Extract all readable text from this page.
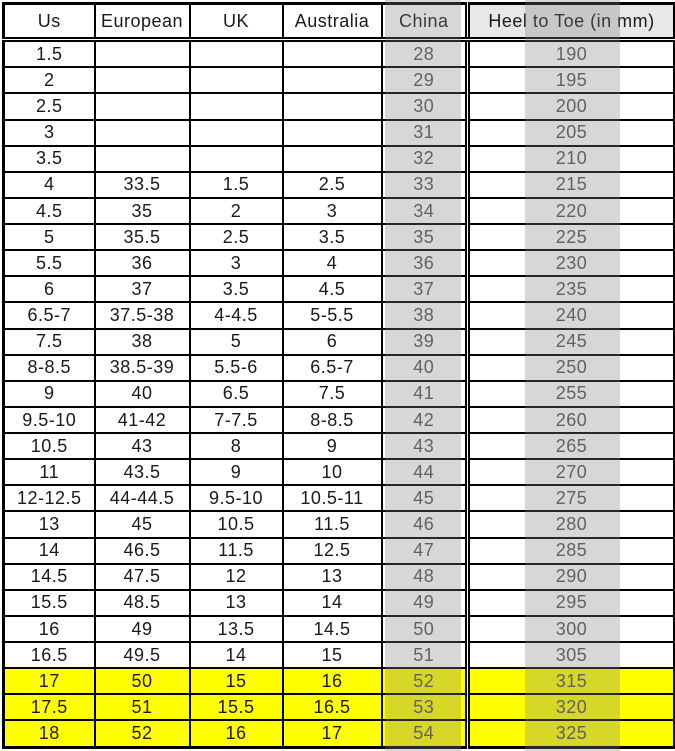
Us	European	UK	Australia	China	Heel to Toe (in mm)
1.5				28	190
2				29	195
2.5				30	200
3				31	205
3.5				32	210
4	33.5	1.5	2.5	33	215
4.5	35	2	3	34	220
5	35.5	2.5	3.5	35	225
5.5	36	3	4	36	230
6	37	3.5	4.5	37	235
6.5-7	37.5-38	4-4.5	5-5.5	38	240
7.5	38	5	6	39	245
8-8.5	38.5-39	5.5-6	6.5-7	40	250
9	40	6.5	7.5	41	255
9.5-10	41-42	7-7.5	8-8.5	42	260
10.5	43	8	9	43	265
11	43.5	9	10	44	270
12-12.5	44-44.5	9.5-10	10.5-11	45	275
13	45	10.5	11.5	46	280
14	46.5	11.5	12.5	47	285
14.5	47.5	12	13	48	290
15.5	48.5	13	14	49	295
16	49	13.5	14.5	50	300
16.5	49.5	14	15	51	305
17	50	15	16	52	315
17.5	51	15.5	16.5	53	320
18	52	16	17	54	325
